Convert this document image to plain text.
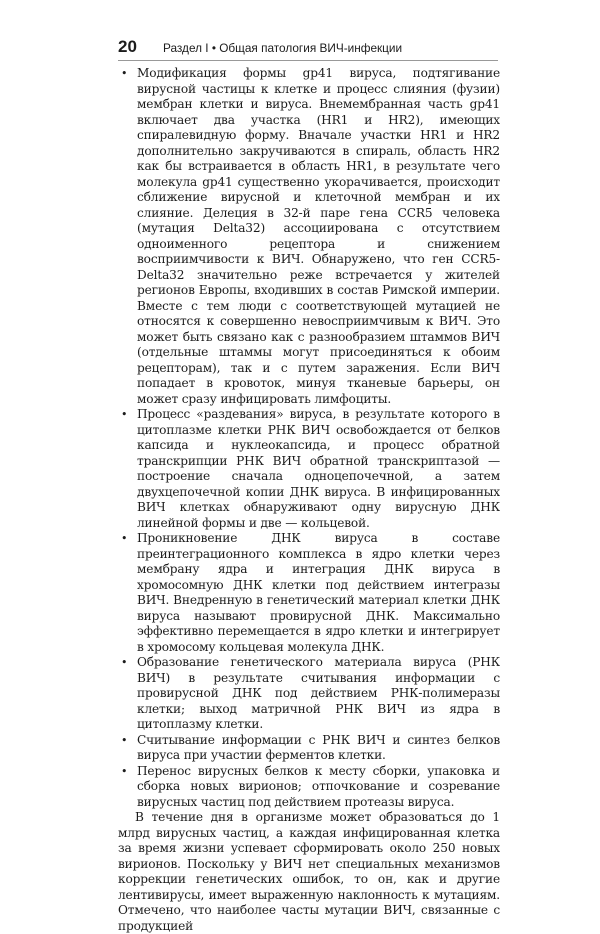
20 Раздел I • Общая патология ВИЧ-инфекции
• Модификация формы gp41 вируса, подтягивание вирусной частицы к клетке и процесс слияния (фузии) мембран клетки и вируса. Внемембранная часть gp41 включает два участка (HR1 и HR2), имеющих спиралевидную форму. Вначале участки HR1 и HR2 дополнительно закручиваются в спираль, область HR2 как бы встраивается в область HR1, в результате чего молекула gp41 существенно укорачивается, происходит сближение вирусной и клеточной мембран и их слияние. Делеция в 32-й паре гена CCR5 человека (мутация Delta32) ассоциирована с отсутствием одноименного рецептора и снижением восприимчивости к ВИЧ. Обнаружено, что ген CCR5-Delta32 значительно реже встречается у жителей регионов Европы, входивших в состав Римской империи. Вместе с тем люди с соответствующей мутацией не относятся к совершенно невосприимчивым к ВИЧ. Это может быть связано как с разнообразием штаммов ВИЧ (отдельные штаммы могут присоединяться к обоим рецепторам), так и с путем заражения. Если ВИЧ попадает в кровоток, минуя тканевые барьеры, он может сразу инфицировать лимфоциты.
• Процесс «раздевания» вируса, в результате которого в цитоплазме клетки РНК ВИЧ освобождается от белков капсида и нуклеокапсида, и процесс обратной транскрипции РНК ВИЧ обратной транскриптазой — построение сначала одноцепочечной, а затем двухцепочечной копии ДНК вируса. В инфицированных ВИЧ клетках обнаруживают одну вирусную ДНК линейной формы и две — кольцевой.
• Проникновение ДНК вируса в составе преинтеграционного комплекса в ядро клетки через мембрану ядра и интеграция ДНК вируса в хромосомную ДНК клетки под действием интегразы ВИЧ. Внедренную в генетический материал клетки ДНК вируса называют провирусной ДНК. Максимально эффективно перемещается в ядро клетки и интегрирует в хромосому кольцевая молекула ДНК.
• Образование генетического материала вируса (РНК ВИЧ) в результате считывания информации с провирусной ДНК под действием РНК-полимеразы клетки; выход матричной РНК ВИЧ из ядра в цитоплазму клетки.
• Считывание информации с РНК ВИЧ и синтез белков вируса при участии ферментов клетки.
• Перенос вирусных белков к месту сборки, упаковка и сборка новых вирионов; отпочкование и созревание вирусных частиц под действием протеазы вируса.

В течение дня в организме может образоваться до 1 млрд вирусных частиц, а каждая инфицированная клетка за время жизни успевает сформировать около 250 новых вирионов. Поскольку у ВИЧ нет специальных механизмов коррекции генетических ошибок, то он, как и другие лентивирусы, имеет выраженную наклонность к мутациям. Отмечено, что наиболее часты мутации ВИЧ, связанные с продукцией
